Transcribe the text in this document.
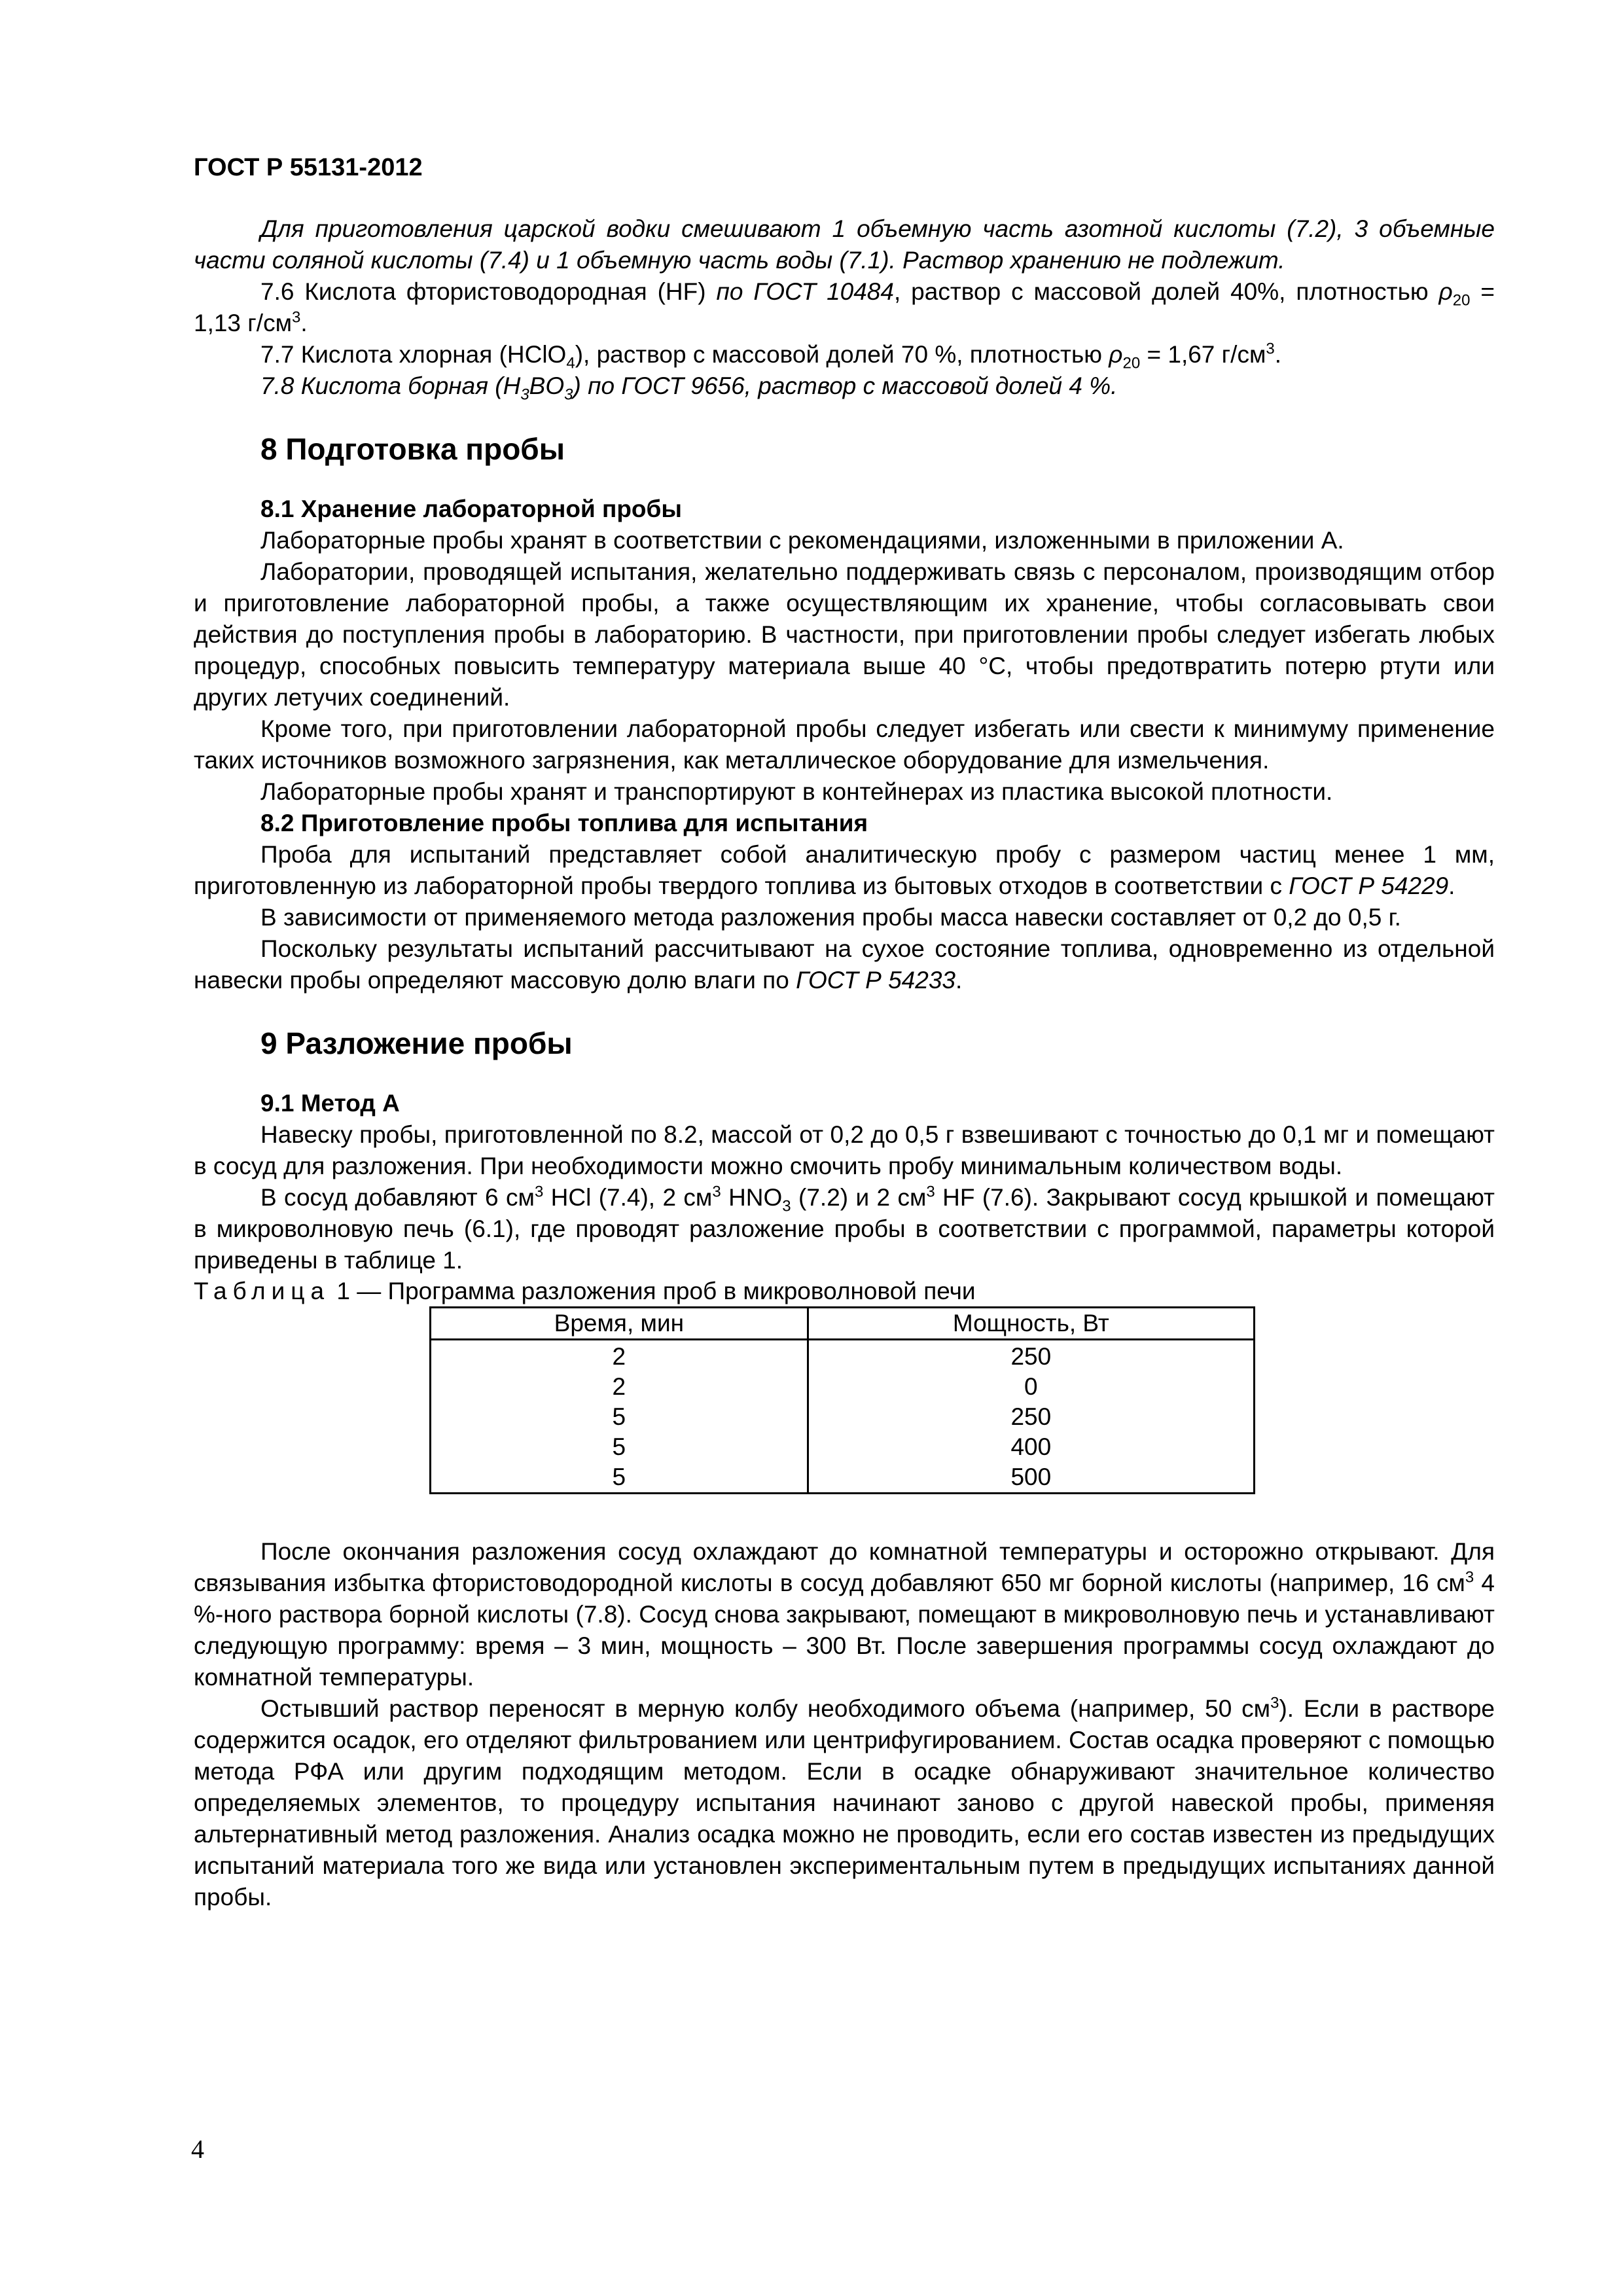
ГОСТ Р 55131-2012

Для приготовления царской водки смешивают 1 объемную часть азотной кислоты (7.2), 3 объемные части соляной кислоты (7.4) и 1 объемную часть воды (7.1). Раствор хранению не подлежит.

7.6 Кислота фтористоводородная (HF) по ГОСТ 10484, раствор с массовой долей 40%, плотностью $\rho_{20} = 1,13$ $г/см^3$.

7.7 Кислота хлорная (HClO$_4$), раствор с массовой долей 70 %, плотностью $\rho_{20} = 1,67$ $г/см^3$.

7.8 Кислота борная $(H_3BO_3)$ по ГОСТ 9656, раствор с массовой долей 4 %.

8 Подготовка пробы

8.1 Хранение лабораторной пробы

Лабораторные пробы хранят в соответствии с рекомендациями, изложенными в приложении А.

Лаборатории, проводящей испытания, желательно поддерживать связь с персоналом, производящим отбор и приготовление лабораторной пробы, а также осуществляющим их хранение, чтобы согласовывать свои действия до поступления пробы в лабораторию. В частности, при приготовлении пробы следует избегать любых процедур, способных повысить температуру материала выше 40 °С, чтобы предотвратить потерю ртути или других летучих соединений.

Кроме того, при приготовлении лабораторной пробы следует избегать или свести к минимуму применение таких источников возможного загрязнения, как металлическое оборудование для измельчения.

Лабораторные пробы хранят и транспортируют в контейнерах из пластика высокой плотности.

8.2 Приготовление пробы топлива для испытания

Проба для испытаний представляет собой аналитическую пробу с размером частиц менее 1 мм, приготовленную из лабораторной пробы твердого топлива из бытовых отходов в соответствии с ГОСТ Р 54229.

В зависимости от применяемого метода разложения пробы масса навески составляет от 0,2 до 0,5 г.

Поскольку результаты испытаний рассчитывают на сухое состояние топлива, одновременно из отдельной навески пробы определяют массовую долю влаги по ГОСТ Р 54233.

9 Разложение пробы

9.1 Метод А

Навеску пробы, приготовленной по 8.2, массой от 0,2 до 0,5 г взвешивают с точностью до 0,1 мг и помещают в сосуд для разложения. При необходимости можно смочить пробу минимальным количеством воды.

В сосуд добавляют 6 $см^3$ HCl (7.4), 2 $см^3$ $HNO_3$ (7.2) и 2 $см^3$ HF (7.6). Закрывают сосуд крышкой и помещают в микроволновую печь (6.1), где проводят разложение пробы в соответствии с программой, параметры которой приведены в таблице 1.

Таблица 1 — Программа разложения проб в микроволновой печи

Время, мин	Мощность, Вт
2	250
2	0
5	250
5	400
5	500

После окончания разложения сосуд охлаждают до комнатной температуры и осторожно открывают. Для связывания избытка фтористоводородной кислоты в сосуд добавляют 650 мг борной кислоты (например, 16 $см^3$ 4 %-ного раствора борной кислоты (7.8). Сосуд снова закрывают, помещают в микроволновую печь и устанавливают следующую программу: время – 3 мин, мощность – 300 Вт. После завершения программы сосуд охлаждают до комнатной температуры.

Остывший раствор переносят в мерную колбу необходимого объема (например, 50 $см^3$). Если в растворе содержится осадок, его отделяют фильтрованием или центрифугированием. Состав осадка проверяют с помощью метода РФА или другим подходящим методом. Если в осадке обнаруживают значительное количество определяемых элементов, то процедуру испытания начинают заново с другой навеской пробы, применяя альтернативный метод разложения. Анализ осадка можно не проводить, если его состав известен из предыдущих испытаний материала того же вида или установлен экспериментальным путем в предыдущих испытаниях данной пробы.

4
